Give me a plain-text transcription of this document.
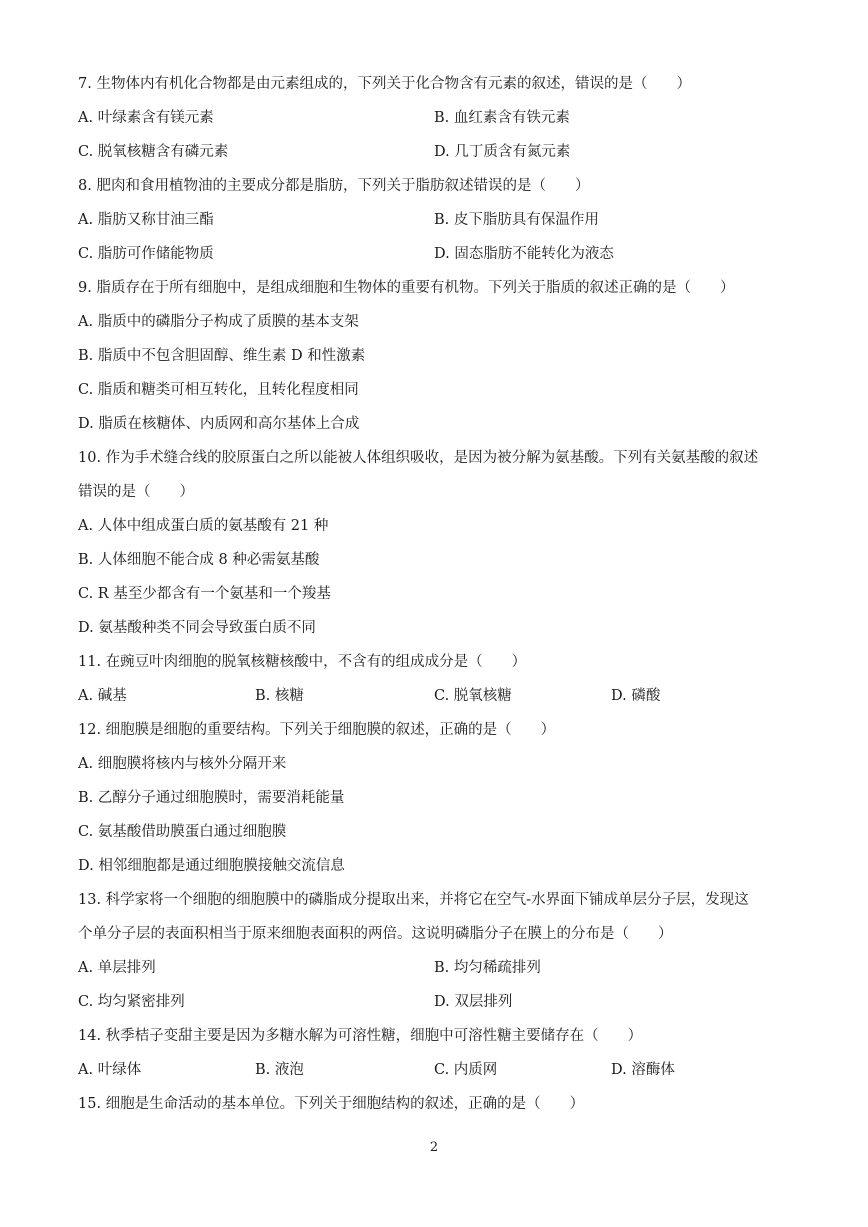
7. 生物体内有机化合物都是由元素组成的，下列关于化合物含有元素的叙述，错误的是（　　）
A. 叶绿素含有镁元素	B. 血红素含有铁元素
C. 脱氧核糖含有磷元素	D. 几丁质含有氮元素
8. 肥肉和食用植物油的主要成分都是脂肪，下列关于脂肪叙述错误的是（　　）
A. 脂肪又称甘油三酯	B. 皮下脂肪具有保温作用
C. 脂肪可作储能物质	D. 固态脂肪不能转化为液态
9. 脂质存在于所有细胞中，是组成细胞和生物体的重要有机物。下列关于脂质的叙述正确的是（　　）
A. 脂质中的磷脂分子构成了质膜的基本支架
B. 脂质中不包含胆固醇、维生素 D 和性激素
C. 脂质和糖类可相互转化，且转化程度相同
D. 脂质在核糖体、内质网和高尔基体上合成
10. 作为手术缝合线的胶原蛋白之所以能被人体组织吸收，是因为被分解为氨基酸。下列有关氨基酸的叙述
错误的是（　　）
A. 人体中组成蛋白质的氨基酸有 21 种
B. 人体细胞不能合成 8 种必需氨基酸
C. R 基至少都含有一个氨基和一个羧基
D. 氨基酸种类不同会导致蛋白质不同
11. 在豌豆叶肉细胞的脱氧核糖核酸中，不含有的组成成分是（　　）
A. 碱基	B. 核糖	C. 脱氧核糖	D. 磷酸
12. 细胞膜是细胞的重要结构。下列关于细胞膜的叙述，正确的是（　　）
A. 细胞膜将核内与核外分隔开来
B. 乙醇分子通过细胞膜时，需要消耗能量
C. 氨基酸借助膜蛋白通过细胞膜
D. 相邻细胞都是通过细胞膜接触交流信息
13. 科学家将一个细胞的细胞膜中的磷脂成分提取出来，并将它在空气-水界面下铺成单层分子层，发现这
个单分子层的表面积相当于原来细胞表面积的两倍。这说明磷脂分子在膜上的分布是（　　）
A. 单层排列	B. 均匀稀疏排列
C. 均匀紧密排列	D. 双层排列
14. 秋季桔子变甜主要是因为多糖水解为可溶性糖，细胞中可溶性糖主要储存在（　　）
A. 叶绿体	B. 液泡	C. 内质网	D. 溶酶体
15. 细胞是生命活动的基本单位。下列关于细胞结构的叙述，正确的是（　　）
2
